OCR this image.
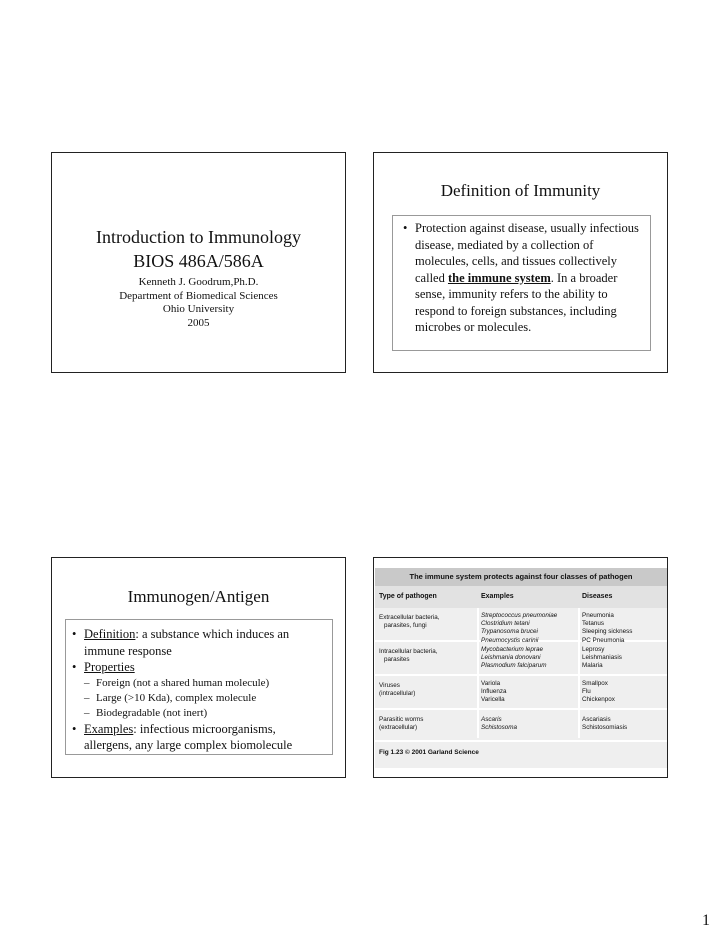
Introduction to Immunology
BIOS 486A/586A
Kenneth J. Goodrum,Ph.D.
Department of Biomedical Sciences
Ohio University
2005
Definition of Immunity
• Protection against disease, usually infectious disease, mediated by a collection of molecules, cells, and tissues collectively called the immune system. In a broader sense, immunity refers to the ability to respond to foreign substances, including microbes or molecules.
Immunogen/Antigen
• Definition: a substance which induces an immune response
• Properties
– Foreign (not a shared human molecule)
– Large (>10 Kda), complex molecule
– Biodegradable (not inert)
• Examples: infectious microorganisms, allergens, any large complex biomolecule
The immune system protects against four classes of pathogen
Type of pathogen	Examples	Diseases
Extracellular bacteria,
parasites, fungi
Streptococcus pneumoniae
Clostridium tetani
Trypanosoma brucei
Pneumocystis carinii
Pneumonia
Tetanus
Sleeping sickness
PC Pneumonia
Intracellular bacteria,
parasites
Mycobacterium leprae
Leishmania donovani
Plasmodium falciparum
Leprosy
Leishmaniasis
Malaria
Viruses
(intracellular)
Variola
Influenza
Varicella
Smallpox
Flu
Chickenpox
Parasitic worms
(extracellular)
Ascaris
Schistosoma
Ascariasis
Schistosomiasis
Fig 1.23 © 2001 Garland Science
1
